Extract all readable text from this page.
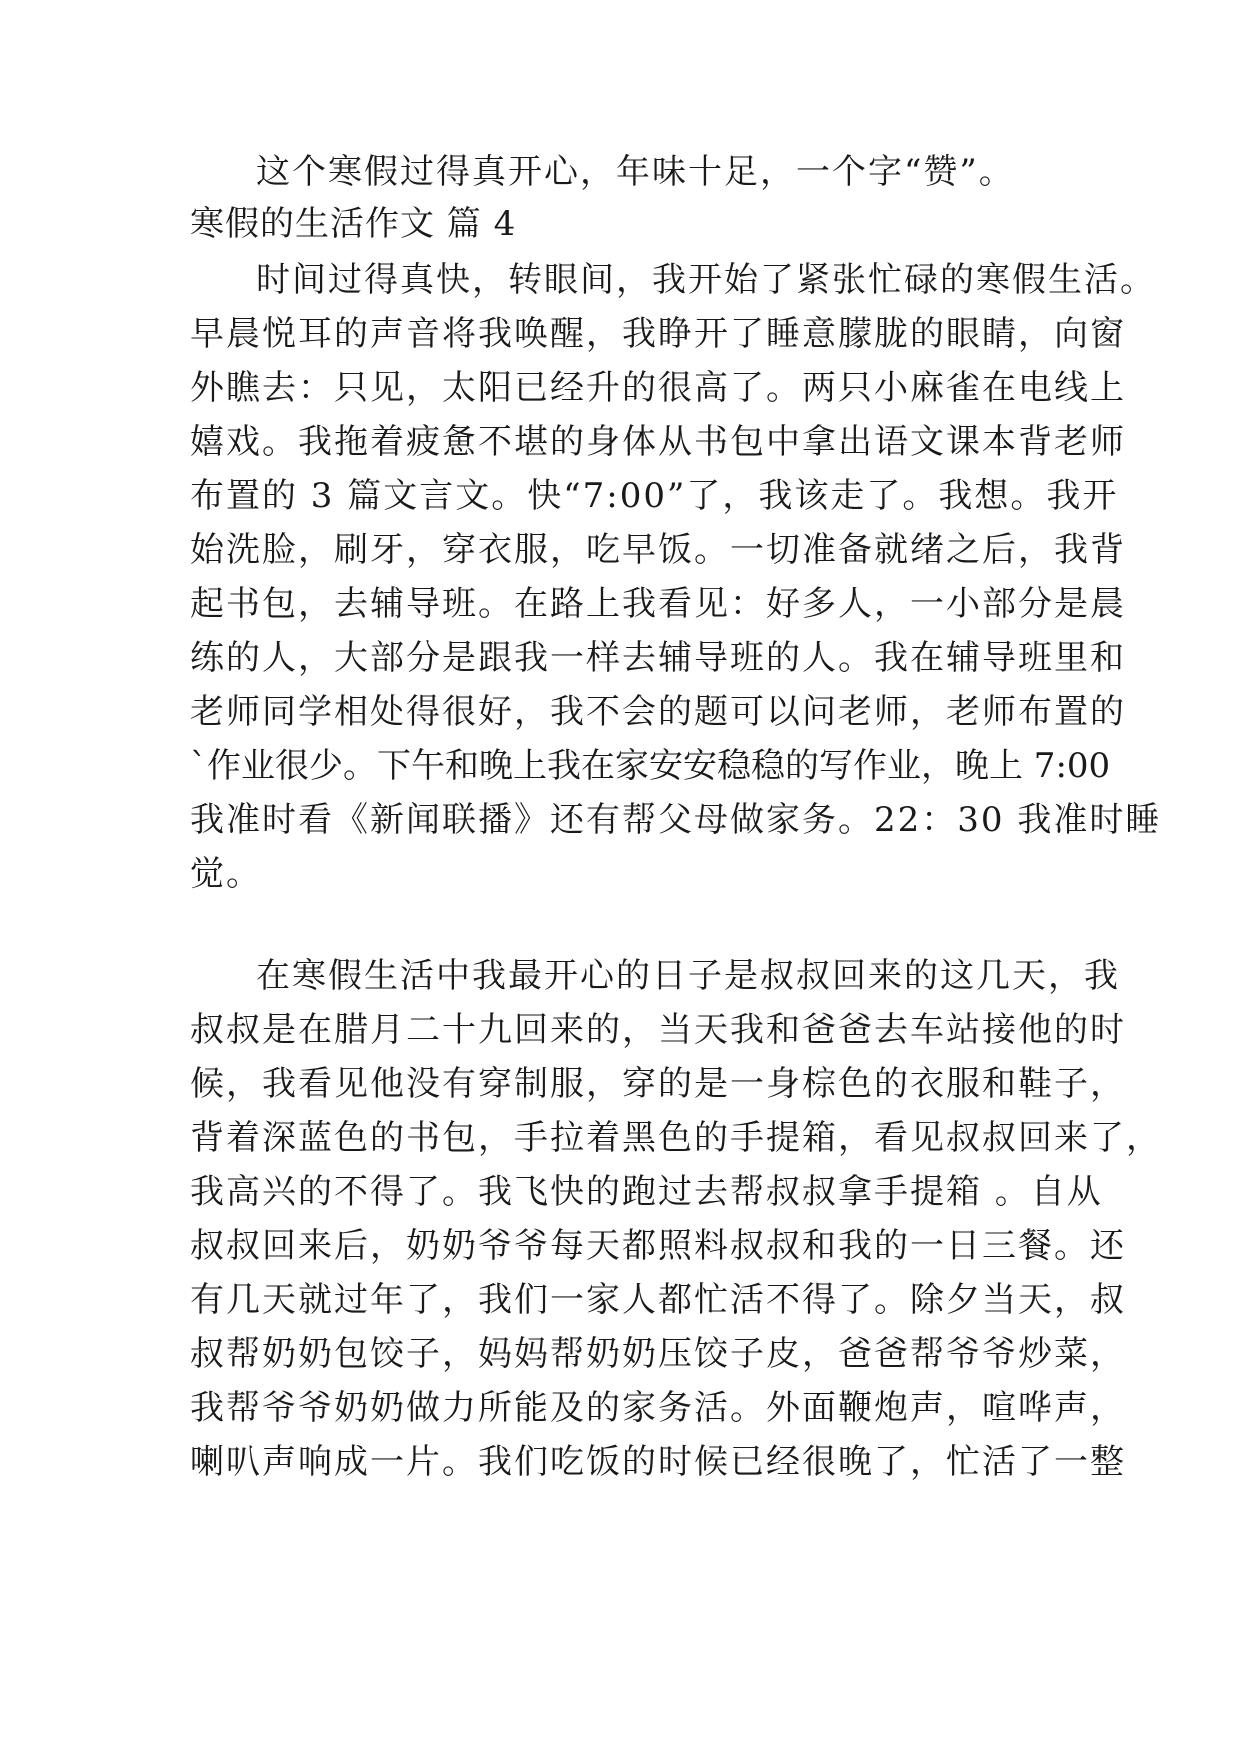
这个寒假过得真开心，年味十足，一个字“赞”。
寒假的生活作文 篇 4
时间过得真快，转眼间，我开始了紧张忙碌的寒假生活。
早晨悦耳的声音将我唤醒，我睁开了睡意朦胧的眼睛，向窗
外瞧去：只见，太阳已经升的很高了。两只小麻雀在电线上
嬉戏。我拖着疲惫不堪的身体从书包中拿出语文课本背老师
布置的 3 篇文言文。快“7:00”了，我该走了。我想。我开
始洗脸，刷牙，穿衣服，吃早饭。一切准备就绪之后，我背
起书包，去辅导班。在路上我看见：好多人，一小部分是晨
练的人，大部分是跟我一样去辅导班的人。我在辅导班里和
老师同学相处得很好，我不会的题可以问老师，老师布置的
`作业很少。下午和晚上我在家安安稳稳的写作业，晚上 7:00
我准时看《新闻联播》还有帮父母做家务。22：30 我准时睡
觉。
在寒假生活中我最开心的日子是叔叔回来的这几天，我
叔叔是在腊月二十九回来的，当天我和爸爸去车站接他的时
候，我看见他没有穿制服，穿的是一身棕色的衣服和鞋子，
背着深蓝色的书包，手拉着黑色的手提箱，看见叔叔回来了，
我高兴的不得了。我飞快的跑过去帮叔叔拿手提箱 。自从
叔叔回来后，奶奶爷爷每天都照料叔叔和我的一日三餐。还
有几天就过年了，我们一家人都忙活不得了。除夕当天，叔
叔帮奶奶包饺子，妈妈帮奶奶压饺子皮，爸爸帮爷爷炒菜，
我帮爷爷奶奶做力所能及的家务活。外面鞭炮声，喧哗声，
喇叭声响成一片。我们吃饭的时候已经很晚了，忙活了一整
